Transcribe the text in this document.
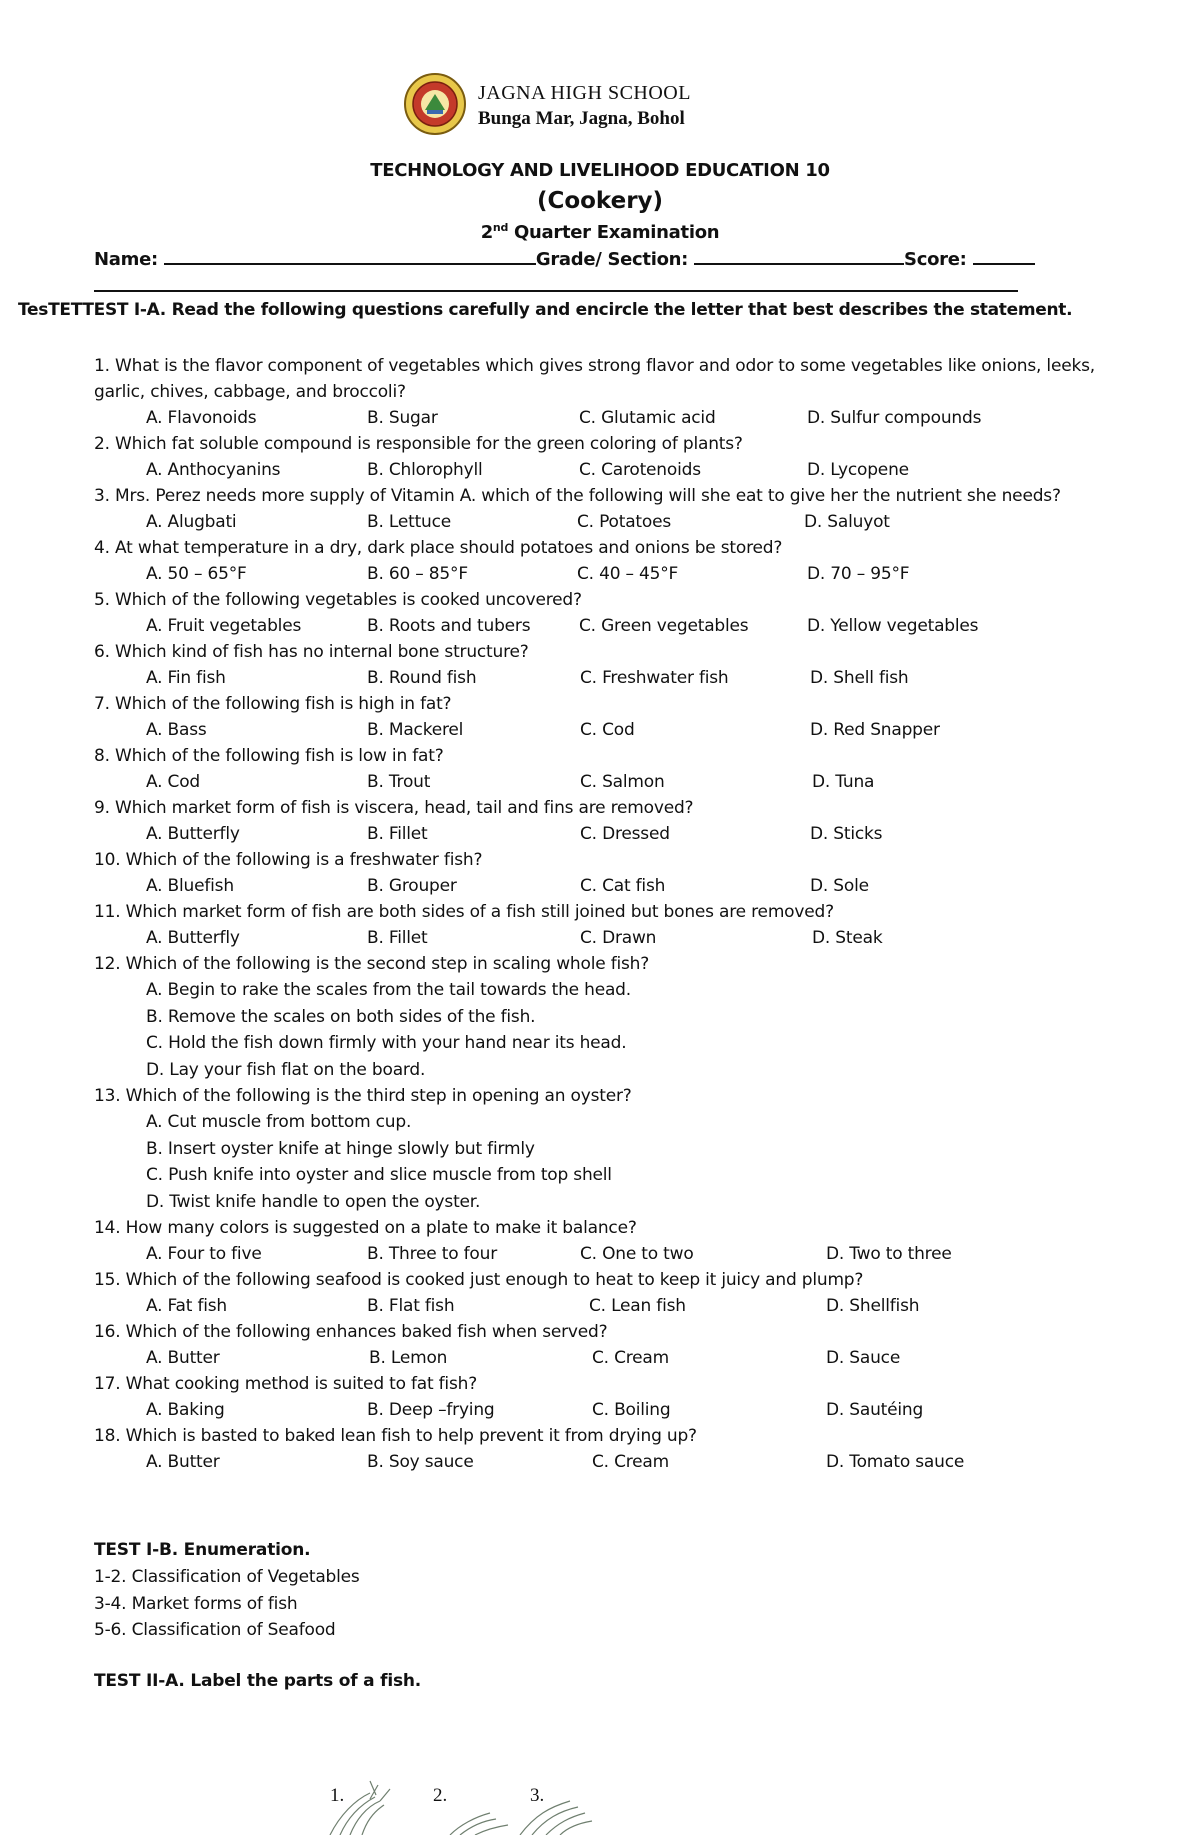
JAGNA HIGH SCHOOL
Bunga Mar, Jagna, Bohol
TECHNOLOGY AND LIVELIHOOD EDUCATION 10
(Cookery)
2nd Quarter Examination
Name:	Grade/ Section:	Score:
TesTETTEST I-A. Read the following questions carefully and encircle the letter that best describes the statement.
1. What is the flavor component of vegetables which gives strong flavor and odor to some vegetables like onions, leeks, garlic, chives, cabbage, and broccoli?
A. Flavonoids	B. Sugar	C. Glutamic acid	D. Sulfur compounds
2. Which fat soluble compound is responsible for the green coloring of plants?
A. Anthocyanins	B. Chlorophyll	C. Carotenoids	D. Lycopene
3. Mrs. Perez needs more supply of Vitamin A. which of the following will she eat to give her the nutrient she needs?
A. Alugbati	B. Lettuce	C. Potatoes	D. Saluyot
4. At what temperature in a dry, dark place should potatoes and onions be stored?
A. 50 – 65°F	B. 60 – 85°F	C. 40 – 45°F	D. 70 – 95°F
5. Which of the following vegetables is cooked uncovered?
A. Fruit vegetables	B. Roots and tubers	C. Green vegetables	D. Yellow vegetables
6. Which kind of fish has no internal bone structure?
A. Fin fish	B. Round fish	C. Freshwater fish	D. Shell fish
7. Which of the following fish is high in fat?
A. Bass	B. Mackerel	C. Cod	D. Red Snapper
8. Which of the following fish is low in fat?
A. Cod	B. Trout	C. Salmon	D. Tuna
9. Which market form of fish is viscera, head, tail and fins are removed?
A. Butterfly	B. Fillet	C. Dressed	D. Sticks
10. Which of the following is a freshwater fish?
A. Bluefish	B. Grouper	C. Cat fish	D. Sole
11. Which market form of fish are both sides of a fish still joined but bones are removed?
A. Butterfly	B. Fillet	C. Drawn	D. Steak
12. Which of the following is the second step in scaling whole fish?
A. Begin to rake the scales from the tail towards the head.
B. Remove the scales on both sides of the fish.
C. Hold the fish down firmly with your hand near its head.
D. Lay your fish flat on the board.
13. Which of the following is the third step in opening an oyster?
A. Cut muscle from bottom cup.
B. Insert oyster knife at hinge slowly but firmly
C. Push knife into oyster and slice muscle from top shell
D. Twist knife handle to open the oyster.
14. How many colors is suggested on a plate to make it balance?
A. Four to five	B. Three to four	C. One to two	D. Two to three
15. Which of the following seafood is cooked just enough to heat to keep it juicy and plump?
A. Fat fish	B. Flat fish	C. Lean fish	D. Shellfish
16. Which of the following enhances baked fish when served?
A. Butter	B. Lemon	C. Cream	D. Sauce
17. What cooking method is suited to fat fish?
A. Baking	B. Deep –frying	C. Boiling	D. Sautéing
18. Which is basted to baked lean fish to help prevent it from drying up?
A. Butter	B. Soy sauce	C. Cream	D. Tomato sauce
TEST I-B. Enumeration.
1-2. Classification of Vegetables
3-4. Market forms of fish
5-6. Classification of Seafood
TEST II-A. Label the parts of a fish.
1.	2.	3.
